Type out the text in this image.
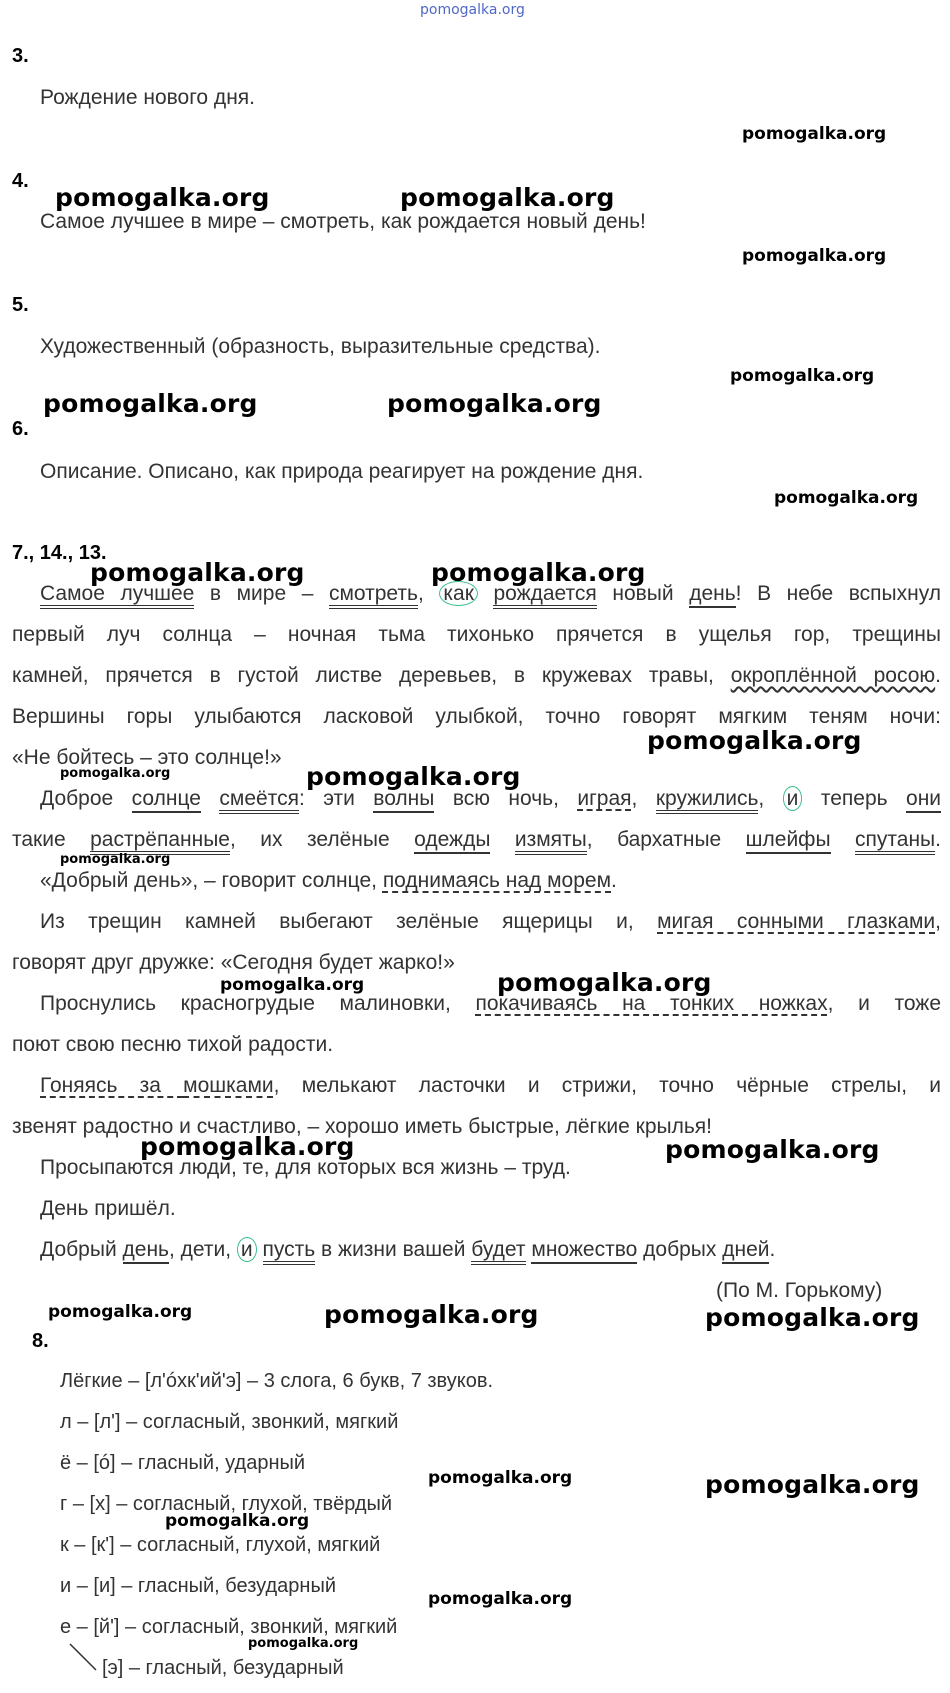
pomogalka.org
3.
Рождение нового дня.
pomogalka.org
4.
Самое лучшее в мире – смотреть, как рождается новый день!
pomogalka.org	pomogalka.org
pomogalka.org
5.
Художественный (образность, выразительные средства).
pomogalka.org
pomogalka.org	pomogalka.org
6.
Описание. Описано, как природа реагирует на рождение дня.
pomogalka.org
7., 14., 13.
pomogalka.org	pomogalka.org
Самое лучшее в мире – смотреть, как рождается новый день! В небе вспыхнул
первый луч солнца – ночная тьма тихонько прячется в ущелья гор, трещины
камней, прячется в густой листве деревьев, в кружевах травы, окроплённой росою.
Вершины горы улыбаются ласковой улыбкой, точно говорят мягким теням ночи:
«Не бойтесь – это солнце!»
pomogalka.org
pomogalka.org	pomogalka.org
Доброе солнце смеётся: эти волны всю ночь, играя, кружились, и теперь они
такие растрёпанные, их зелёные одежды измяты, бархатные шлейфы спутаны.
pomogalka.org
«Добрый день», – говорит солнце, поднимаясь над морем.
Из трещин камней выбегают зелёные ящерицы и, мигая сонными глазками,
говорят друг дружке: «Сегодня будет жарко!»
pomogalka.org	pomogalka.org
Проснулись красногрудые малиновки, покачиваясь на тонких ножках, и тоже
поют свою песню тихой радости.
Гоняясь за мошками, мелькают ласточки и стрижи, точно чёрные стрелы, и
звенят радостно и счастливо, – хорошо иметь быстрые, лёгкие крылья!
pomogalka.org	pomogalka.org
Просыпаются люди, те, для которых вся жизнь – труд.
День пришёл.
Добрый день, дети, и пусть в жизни вашей будет множество добрых дней.
(По М. Горькому)
pomogalka.org	pomogalka.org	pomogalka.org
8.
Лёгкие – [л'óхк'ий'э] – 3 слога, 6 букв, 7 звуков.
л – [л'] – согласный, звонкий, мягкий
ё – [ó] – гласный, ударный
pomogalka.org	pomogalka.org
г – [х] – согласный, глухой, твёрдый
pomogalka.org
к – [к'] – согласный, глухой, мягкий
и – [и] – гласный, безударный
pomogalka.org
е – [й'] – согласный, звонкий, мягкий
pomogalka.org
[э] – гласный, безударный
